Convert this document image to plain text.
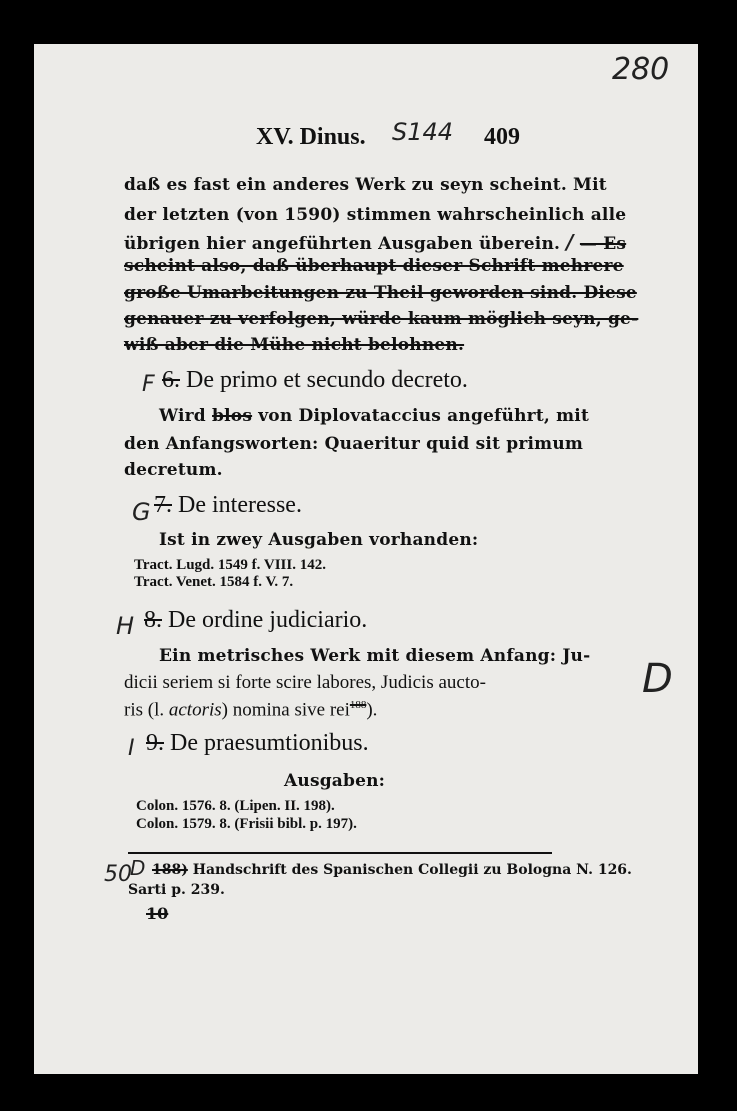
280
XV. Dinus. S144 409
daß es fast ein anderes Werk zu seyn scheint. Mit
der letzten (von 1590) stimmen wahrscheinlich alle
übrigen hier angeführten Ausgaben überein. / — Es
scheint also, daß überhaupt dieser Schrift mehrere
große Umarbeitungen zu Theil geworden sind. Diese
genauer zu verfolgen, würde kaum möglich seyn, ge-
wiß aber die Mühe nicht belohnen.
F 6. De primo et secundo decreto.
Wird blos von Diplovataccius angeführt, mit
den Anfangsworten: Quaeritur quid sit primum
decretum.
G 7. De interesse.
Ist in zwey Ausgaben vorhanden:
Tract. Lugd. 1549 f. VIII. 142.
Tract. Venet. 1584 f. V. 7.
H 8. De ordine judiciario.
Ein metrisches Werk mit diesem Anfang: Ju-
dicii seriem si forte scire labores, Judicis auctо-
ris (l. actoris) nomina sive rei$^{188}$).
D
I 9. De praesumtionibus.
Ausgaben:
Colon. 1576. 8. (Lipen. II. 198).
Colon. 1579. 8. (Frisii bibl. p. 197).
D
50 188) Handschrift des Spanischen Collegii zu Bologna N. 126.
Sarti p. 239.
10
